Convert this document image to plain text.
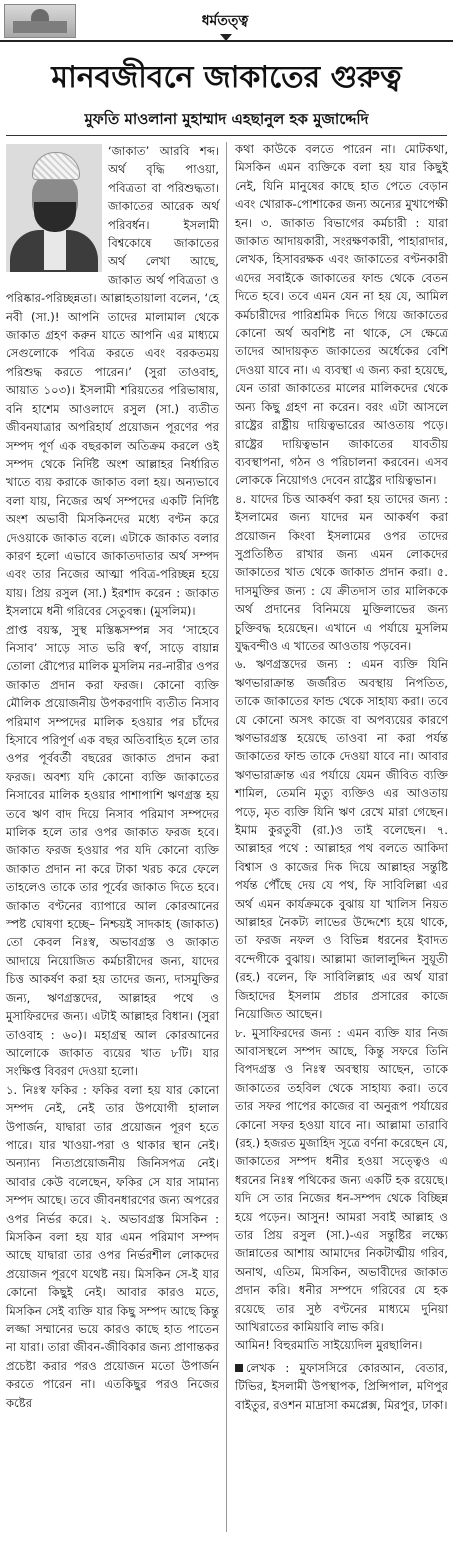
ধর্মতত্ত্ব
মানবজীবনে জাকাতের গুরুত্ব
মুফতি মাওলানা মুহাম্মাদ এহছানুল হক মুজাদ্দেদি

‘জাকাত’ আরবি শব্দ। অর্থ বৃদ্ধি পাওয়া, পবিত্রতা বা পরিশুদ্ধতা। জাকাতের আরেক অর্থ পরিবর্ধন। ইসলামী বিশ্বকোষে জাকাতের অর্থ লেখা আছে, জাকাত অর্থ পবিত্রতা ও পরিষ্কার-পরিচ্ছন্নতা। আল্লাহতায়ালা বলেন, ‘হে নবী (সা.)! আপনি তাদের মালামাল থেকে জাকাত গ্রহণ করুন যাতে আপনি এর মাধ্যমে সেগুলোকে পবিত্র করতে এবং বরকতময় পরিশুদ্ধ করতে পারেন।’ (সুরা তাওবাহ, আয়াত ১০৩)। ইসলামী শরিয়তের পরিভাষায়, বনি হাশেম আওলাদে রসুল (সা.) ব্যতীত জীবনযাত্রার অপরিহার্য প্রয়োজন পূরণের পর সম্পদ পূর্ণ এক বছরকাল অতিক্রম করলে ওই সম্পদ থেকে নির্দিষ্ট অংশ আল্লাহর নির্ধারিত খাতে ব্যয় করাকে জাকাত বলা হয়। অন্যভাবে বলা যায়, নিজের অর্থ সম্পদের একটি নির্দিষ্ট অংশ অভাবী মিসকিনদের মধ্যে বণ্টন করে দেওয়াকে জাকাত বলে। এটাকে জাকাত বলার কারণ হলো এভাবে জাকাতদাতার অর্থ সম্পদ এবং তার নিজের আত্মা পবিত্র-পরিচ্ছন্ন হয়ে যায়। প্রিয় রসুল (সা.) ইরশাদ করেন : জাকাত ইসলামে ধনী গরিবের সেতুবন্ধ। (মুসলিম)।

প্রাপ্ত বয়স্ক, সুস্থ মস্তিষ্কসম্পন্ন সব ‘সাহেবে নিসাব’ সাড়ে সাত ভরি স্বর্ণ, সাড়ে বায়ান্ন তোলা রৌপ্যের মালিক মুসলিম নর-নারীর ওপর জাকাত প্রদান করা ফরজ। কোনো ব্যক্তি মৌলিক প্রয়োজনীয় উপকরণাদি ব্যতীত নিসাব পরিমাণ সম্পদের মালিক হওয়ার পর চাঁদের হিসাবে পরিপূর্ণ এক বছর অতিবাহিত হলে তার ওপর পূর্ববর্তী বছরের জাকাত প্রদান করা ফরজ। অবশ্য যদি কোনো ব্যক্তি জাকাতের নিসাবের মালিক হওয়ার পাশাপাশি ঋণগ্রস্ত হয় তবে ঋণ বাদ দিয়ে নিসাব পরিমাণ সম্পদের মালিক হলে তার ওপর জাকাত ফরজ হবে। জাকাত ফরজ হওয়ার পর যদি কোনো ব্যক্তি জাকাত প্রদান না করে টাকা খরচ করে ফেলে তাহলেও তাকে তার পূর্বের জাকাত দিতে হবে। জাকাত বণ্টনের ব্যাপারে আল কোরআনের স্পষ্ট ঘোষণা হচ্ছে– নিশ্চয়ই সাদকাহ (জাকাত) তো কেবল নিঃস্ব, অভাবগ্রস্ত ও জাকাত আদায়ে নিয়োজিত কর্মচারীদের জন্য, যাদের চিত্ত আকর্ষণ করা হয় তাদের জন্য, দাসমুক্তির জন্য, ঋণগ্রস্তদের, আল্লাহর পথে ও মুসাফিরদের জন্য। এটাই আল্লাহর বিধান। (সুরা তাওবাহ : ৬০)। মহাগ্রন্থ আল কোরআনের আলোকে জাকাত ব্যয়ের খাত ৮টি। যার সংক্ষিপ্ত বিবরণ দেওয়া হলো।

১. নিঃস্ব ফকির : ফকির বলা হয় যার কোনো সম্পদ নেই, নেই তার উপযোগী হালাল উপার্জন, যাদ্বারা তার প্রয়োজন পূরণ হতে পারে। যার খাওয়া-পরা ও থাকার স্থান নেই। অন্যান্য নিত্যপ্রয়োজনীয় জিনিসপত্র নেই। আবার কেউ বলেছেন, ফকির সে যার সামান্য সম্পদ আছে। তবে জীবনধারণের জন্য অপরের ওপর নির্ভর করে। ২. অভাবগ্রস্ত মিসকিন : মিসকিন বলা হয় যার এমন পরিমাণ সম্পদ আছে যাদ্বারা তার ওপর নির্ভরশীল লোকদের প্রয়োজন পূরণে যথেষ্ট নয়। মিসকিন সে-ই যার কোনো কিছুই নেই। আবার কারও মতে, মিসকিন সেই ব্যক্তি যার কিছু সম্পদ আছে কিন্তু লজ্জা সম্মানের ভয়ে কারও কাছে হাত পাতেন না যারা। তারা জীবন-জীবিকার জন্য প্রাণান্তকর প্রচেষ্টা করার পরও প্রয়োজন মতো উপার্জন করতে পারেন না। এতকিছুর পরও নিজের কষ্টের

কথা কাউকে বলতে পারেন না। মোটকথা, মিসকিন এমন ব্যক্তিকে বলা হয় যার কিছুই নেই, যিনি মানুষের কাছে হাত পেতে বেড়ান এবং খোরাক-পোশাকের জন্য অন্যের মুখাপেক্ষী হন। ৩. জাকাত বিভাগের কর্মচারী : যারা জাকাত আদায়কারী, সংরক্ষণকারী, পাহারাদার, লেখক, হিসাবরক্ষক এবং জাকাতের বণ্টনকারী এদের সবাইকে জাকাতের ফান্ড থেকে বেতন দিতে হবে। তবে এমন যেন না হয় যে, আমিল কর্মচারীদের পারিশ্রমিক দিতে গিয়ে জাকাতের কোনো অর্থ অবশিষ্ট না থাকে, সে ক্ষেত্রে তাদের আদায়কৃত জাকাতের অর্ধেকের বেশি দেওয়া যাবে না। এ ব্যবস্থা এ জন্য করা হয়েছে, যেন তারা জাকাতের মালের মালিকদের থেকে অন্য কিছু গ্রহণ না করেন। বরং এটা আসলে রাষ্ট্রের রাষ্ট্রীয় দায়িত্বভারের আওতায় পড়ে। রাষ্ট্রের দায়িত্বভান জাকাতের যাবতীয় ব্যবস্থাপনা, গঠন ও পরিচালনা করবেন। এসব লোককে নিয়োগও দেবেন রাষ্ট্রের দায়িত্বভান।

৪. যাদের চিত্ত আকর্ষণ করা হয় তাদের জন্য : ইসলামের জন্য যাদের মন আকর্ষণ করা প্রয়োজন কিংবা ইসলামের ওপর তাদের সুপ্রতিষ্ঠিত রাখার জন্য এমন লোকদের জাকাতের খাত থেকে জাকাত প্রদান করা। ৫. দাসমুক্তির জন্য : যে ক্রীতদাস তার মালিককে অর্থ প্রদানের বিনিময়ে মুক্তিলাভের জন্য চুক্তিবদ্ধ হয়েছেন। এখানে এ পর্যায়ে মুসলিম যুদ্ধবন্দীও এ খাতের আওতায় পড়বেন।

৬. ঋণগ্রস্তদের জন্য : এমন ব্যক্তি যিনি ঋণভারাক্রান্ত জর্জরিত অবস্থায় নিপতিত, তাকে জাকাতের ফান্ড থেকে সাহায্য করা। তবে যে কোনো অসৎ কাজে বা অপব্যয়ের কারণে ঋণভারগ্রস্ত হয়েছে তাওবা না করা পর্যন্ত জাকাতের ফান্ড তাকে দেওয়া যাবে না। আবার ঋণভারাক্রান্ত এর পর্যায়ে যেমন জীবিত ব্যক্তি শামিল, তেমনি মৃত্যু ব্যক্তিও এর আওতায় পড়ে, মৃত ব্যক্তি যিনি ঋণ রেখে মারা গেছেন। ইমাম কুরতুবী (রা.)ও তাই বলেছেন। ৭. আল্লাহর পথে : আল্লাহর পথ বলতে আকিদা বিশ্বাস ও কাজের দিক দিয়ে আল্লাহর সন্তুষ্টি পর্যন্ত পৌঁছে দেয় যে পথ, ফি সাবিলিল্লা এর অর্থ এমন কার্যক্রমকে বুঝায় যা খালিস নিয়ত আল্লাহর নৈকট্য লাভের উদ্দেশ্যে হয়ে থাকে, তা ফরজ নফল ও বিভিন্ন ধরনের ইবাদত বন্দেগীকে বুঝায়। আল্লামা জালালুদ্দিন সুয়ূতী (রহ.) বলেন, ফি সাবিলিল্লাহ এর অর্থ যারা জিহাদের ইসলাম প্রচার প্রসারের কাজে নিয়োজিত আছেন।

৮. মুসাফিরদের জন্য : এমন ব্যক্তি যার নিজ আবাসস্থলে সম্পদ আছে, কিন্তু সফরে তিনি বিপদগ্রস্ত ও নিঃস্ব অবস্থায় আছেন, তাকে জাকাতের তহবিল থেকে সাহায্য করা। তবে তার সফর পাপের কাজের বা অনুরূপ পর্যায়ের কোনো সফর হওয়া যাবে না। আল্লামা তারাবি (রহ.) হজরত মুজাহিদ সূত্রে বর্ণনা করেছেন যে, জাকাতের সম্পদ ধনীর হওয়া সত্ত্বেও এ ধরনের নিঃস্ব পথিকের জন্য একটি হক রয়েছে। যদি সে তার নিজের ধন-সম্পদ থেকে বিচ্ছিন্ন হয়ে পড়েন। আসুন! আমরা সবাই আল্লাহ ও তার প্রিয় রসুল (সা.)-এর সন্তুষ্টির লক্ষ্যে জান্নাতের আশায় আমাদের নিকটাত্মীয় গরিব, অনাথ, এতিম, মিসকিন, অভাবীদের জাকাত প্রদান করি। ধনীর সম্পদে গরিবের যে হক রয়েছে তার সুষ্ঠ বণ্টনের মাধ্যমে দুনিয়া আখিরাতের কামিয়াবি লাভ করি।

আমিন! বিহুরমাতি সাইয়্যেদিল মুরছালিন।

লেখক : মুফাসসিরে কোরআন, বেতার, টিভির, ইসলামী উপস্থাপক, প্রিন্সিপাল, মণিপুর বাইতুর, রওশন মাদ্রাসা কমপ্লেক্স, মিরপুর, ঢাকা।
